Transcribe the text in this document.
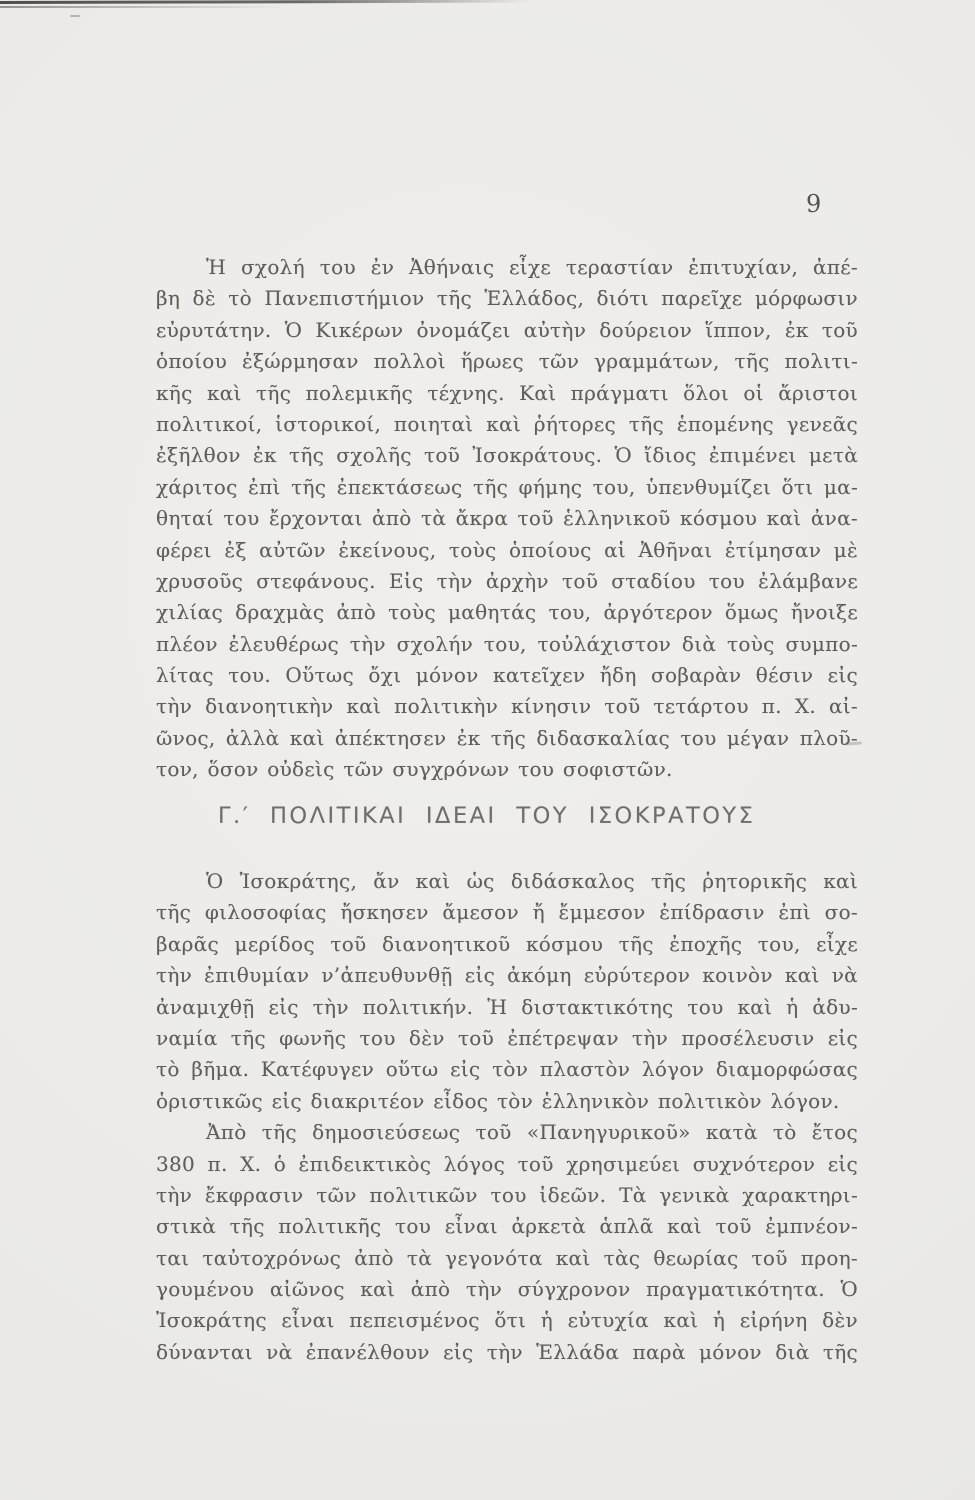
9
Ἡ σχολή του ἐν Ἀθήναις εἶχε τεραστίαν ἐπιτυχίαν, ἀπέ-
βη δὲ τὸ Πανεπιστήμιον τῆς Ἑλλάδος, διότι παρεῖχε μόρφωσιν
εὐρυτάτην. Ὁ Κικέρων ὀνομάζει αὐτὴν δούρειον ἵππον, ἐκ τοῦ
ὁποίου ἐξώρμησαν πολλοὶ ἥρωες τῶν γραμμάτων, τῆς πολιτι-
κῆς καὶ τῆς πολεμικῆς τέχνης. Καὶ πράγματι ὅλοι οἱ ἄριστοι
πολιτικοί, ἱστορικοί, ποιηταὶ καὶ ῥήτορες τῆς ἑπομένης γενεᾶς
ἐξῆλθον ἐκ τῆς σχολῆς τοῦ Ἰσοκράτους. Ὁ ἴδιος ἐπιμένει μετὰ
χάριτος ἐπὶ τῆς ἐπεκτάσεως τῆς φήμης του, ὑπενθυμίζει ὅτι μα-
θηταί του ἔρχονται ἀπὸ τὰ ἄκρα τοῦ ἑλληνικοῦ κόσμου καὶ ἀνα-
φέρει ἐξ αὐτῶν ἐκείνους, τοὺς ὁποίους αἱ Ἀθῆναι ἐτίμησαν μὲ
χρυσοῦς στεφάνους. Εἰς τὴν ἀρχὴν τοῦ σταδίου του ἐλάμβανε
χιλίας δραχμὰς ἀπὸ τοὺς μαθητάς του, ἀργότερον ὅμως ἤνοιξε
πλέον ἐλευθέρως τὴν σχολήν του, τοὐλάχιστον διὰ τοὺς συμπο-
λίτας του. Οὕτως ὄχι μόνον κατεῖχεν ἤδη σοβαρὰν θέσιν εἰς
τὴν διανοητικὴν καὶ πολιτικὴν κίνησιν τοῦ τετάρτου π. Χ. αἰ-
ῶνος, ἀλλὰ καὶ ἀπέκτησεν ἐκ τῆς διδασκαλίας του μέγαν πλοῦ-
τον, ὅσον οὐδεὶς τῶν συγχρόνων του σοφιστῶν.
Γ.′ ΠΟΛΙΤΙΚΑΙ ΙΔΕΑΙ ΤΟΥ ΙΣΟΚΡΑΤΟΥΣ
Ὁ Ἰσοκράτης, ἄν καὶ ὡς διδάσκαλος τῆς ῥητορικῆς καὶ
τῆς φιλοσοφίας ἤσκησεν ἄμεσον ἤ ἔμμεσον ἐπίδρασιν ἐπὶ σο-
βαρᾶς μερίδος τοῦ διανοητικοῦ κόσμου τῆς ἐποχῆς του, εἶχε
τὴν ἐπιθυμίαν ν’ἀπευθυνθῇ εἰς ἀκόμη εὐρύτερον κοινὸν καὶ νὰ
ἀναμιχθῇ εἰς τὴν πολιτικήν. Ἡ διστακτικότης του καὶ ἡ ἀδυ-
ναμία τῆς φωνῆς του δὲν τοῦ ἐπέτρεψαν τὴν προσέλευσιν εἰς
τὸ βῆμα. Κατέφυγεν οὕτω εἰς τὸν πλαστὸν λόγον διαμορφώσας
ὁριστικῶς εἰς διακριτέον εἶδος τὸν ἑλληνικὸν πολιτικὸν λόγον.
Ἀπὸ τῆς δημοσιεύσεως τοῦ «Πανηγυρικοῦ» κατὰ τὸ ἔτος
380 π. Χ. ὁ ἐπιδεικτικὸς λόγος τοῦ χρησιμεύει συχνότερον εἰς
τὴν ἔκφρασιν τῶν πολιτικῶν του ἰδεῶν. Τὰ γενικὰ χαρακτηρι-
στικὰ τῆς πολιτικῆς του εἶναι ἀρκετὰ ἁπλᾶ καὶ τοῦ ἐμπνέον-
ται ταὐτοχρόνως ἀπὸ τὰ γεγονότα καὶ τὰς θεωρίας τοῦ προη-
γουμένου αἰῶνος καὶ ἀπὸ τὴν σύγχρονον πραγματικότητα. Ὁ
Ἰσοκράτης εἶναι πεπεισμένος ὅτι ἡ εὐτυχία καὶ ἡ εἰρήνη δὲν
δύνανται νὰ ἐπανέλθουν εἰς τὴν Ἑλλάδα παρὰ μόνον διὰ τῆς
